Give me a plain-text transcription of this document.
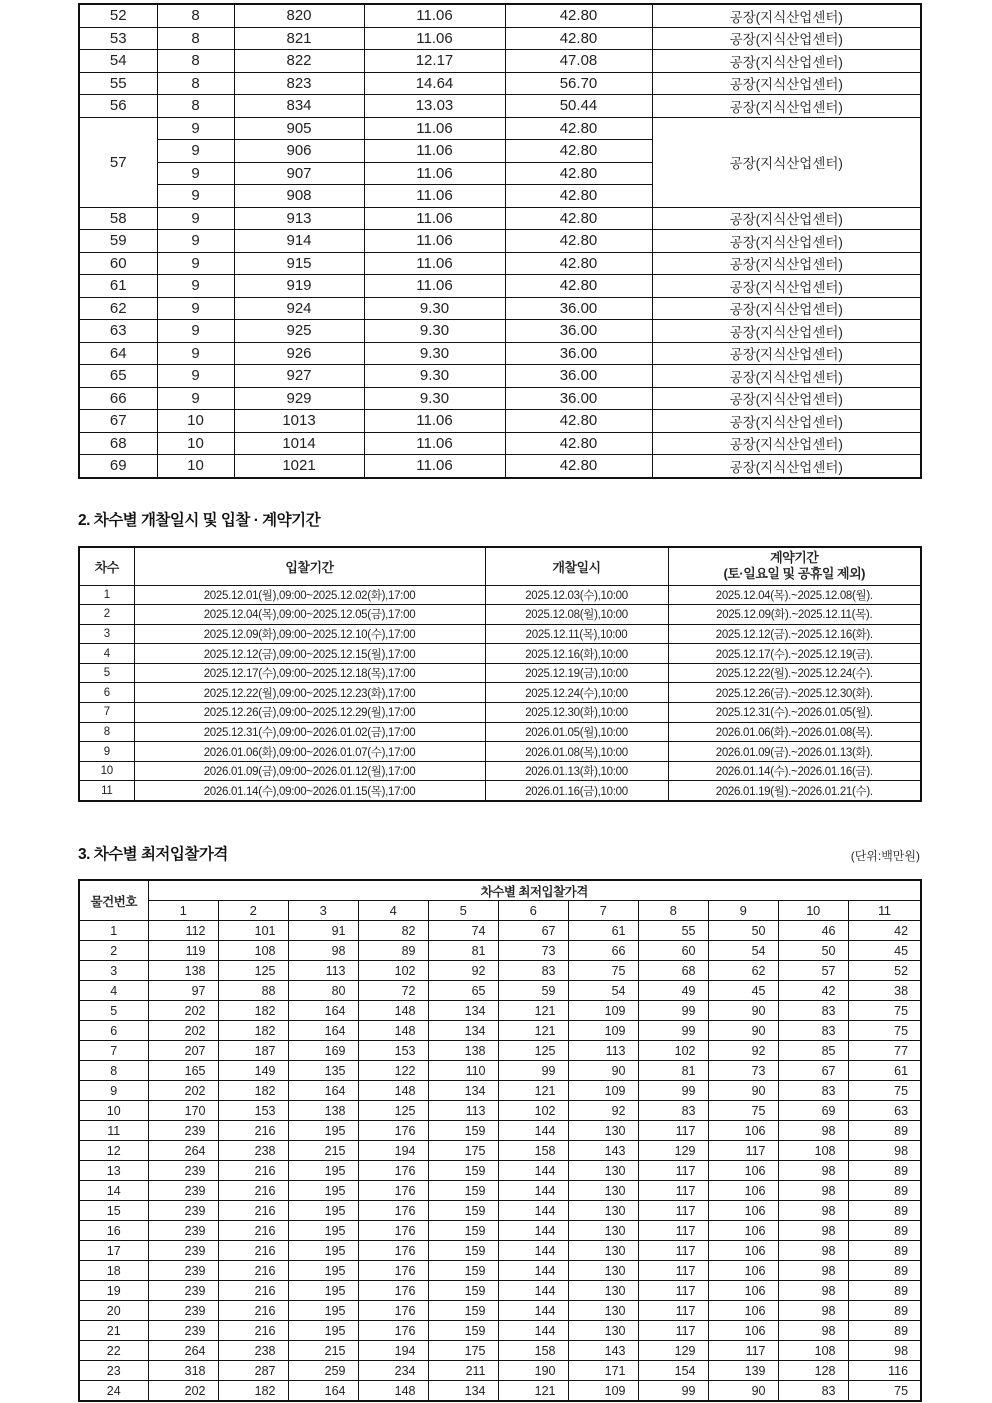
52	8	820	11.06	42.80	공장(지식산업센터)
53	8	821	11.06	42.80	공장(지식산업센터)
54	8	822	12.17	47.08	공장(지식산업센터)
55	8	823	14.64	56.70	공장(지식산업센터)
56	8	834	13.03	50.44	공장(지식산업센터)
57	9	905	11.06	42.80	공장(지식산업센터)
	9	906	11.06	42.80	
	9	907	11.06	42.80	
	9	908	11.06	42.80	
58	9	913	11.06	42.80	공장(지식산업센터)
59	9	914	11.06	42.80	공장(지식산업센터)
60	9	915	11.06	42.80	공장(지식산업센터)
61	9	919	11.06	42.80	공장(지식산업센터)
62	9	924	9.30	36.00	공장(지식산업센터)
63	9	925	9.30	36.00	공장(지식산업센터)
64	9	926	9.30	36.00	공장(지식산업센터)
65	9	927	9.30	36.00	공장(지식산업센터)
66	9	929	9.30	36.00	공장(지식산업센터)
67	10	1013	11.06	42.80	공장(지식산업센터)
68	10	1014	11.06	42.80	공장(지식산업센터)
69	10	1021	11.06	42.80	공장(지식산업센터)
2. 차수별 개찰일시 및 입찰 · 계약기간
차수	입찰기간	개찰일시	계약기간
(토·일요일 및 공휴일 제외)

1	2025.12.01(월),09:00~2025.12.02(화),17:00	2025.12.03(수),10:00	2025.12.04(목).~2025.12.08(월).
2	2025.12.04(목),09:00~2025.12.05(금),17:00	2025.12.08(월),10:00	2025.12.09(화).~2025.12.11(목).
3	2025.12.09(화),09:00~2025.12.10(수),17:00	2025.12.11(목),10:00	2025.12.12(금).~2025.12.16(화).
4	2025.12.12(금),09:00~2025.12.15(월),17:00	2025.12.16(화),10:00	2025.12.17(수).~2025.12.19(금).
5	2025.12.17(수),09:00~2025.12.18(목),17:00	2025.12.19(금),10:00	2025.12.22(월).~2025.12.24(수).
6	2025.12.22(월),09:00~2025.12.23(화),17:00	2025.12.24(수),10:00	2025.12.26(금).~2025.12.30(화).
7	2025.12.26(금),09:00~2025.12.29(월),17:00	2025.12.30(화),10:00	2025.12.31(수).~2026.01.05(월).
8	2025.12.31(수),09:00~2026.01.02(금),17:00	2026.01.05(월),10:00	2026.01.06(화).~2026.01.08(목).
9	2026.01.06(화),09:00~2026.01.07(수),17:00	2026.01.08(목),10:00	2026.01.09(금).~2026.01.13(화).
10	2026.01.09(금),09:00~2026.01.12(월),17:00	2026.01.13(화),10:00	2026.01.14(수).~2026.01.16(금).
11	2026.01.14(수),09:00~2026.01.15(목),17:00	2026.01.16(금),10:00	2026.01.19(월).~2026.01.21(수).
3. 차수별 최저입찰가격	(단위:백만원)
물건번호	차수별 최저입찰가격										
	1	2	3	4	5	6	7	8	9	10	11
1	112	101	91	82	74	67	61	55	50	46	42
2	119	108	98	89	81	73	66	60	54	50	45
3	138	125	113	102	92	83	75	68	62	57	52
4	97	88	80	72	65	59	54	49	45	42	38
5	202	182	164	148	134	121	109	99	90	83	75
6	202	182	164	148	134	121	109	99	90	83	75
7	207	187	169	153	138	125	113	102	92	85	77
8	165	149	135	122	110	99	90	81	73	67	61
9	202	182	164	148	134	121	109	99	90	83	75
10	170	153	138	125	113	102	92	83	75	69	63
11	239	216	195	176	159	144	130	117	106	98	89
12	264	238	215	194	175	158	143	129	117	108	98
13	239	216	195	176	159	144	130	117	106	98	89
14	239	216	195	176	159	144	130	117	106	98	89
15	239	216	195	176	159	144	130	117	106	98	89
16	239	216	195	176	159	144	130	117	106	98	89
17	239	216	195	176	159	144	130	117	106	98	89
18	239	216	195	176	159	144	130	117	106	98	89
19	239	216	195	176	159	144	130	117	106	98	89
20	239	216	195	176	159	144	130	117	106	98	89
21	239	216	195	176	159	144	130	117	106	98	89
22	264	238	215	194	175	158	143	129	117	108	98
23	318	287	259	234	211	190	171	154	139	128	116
24	202	182	164	148	134	121	109	99	90	83	75
